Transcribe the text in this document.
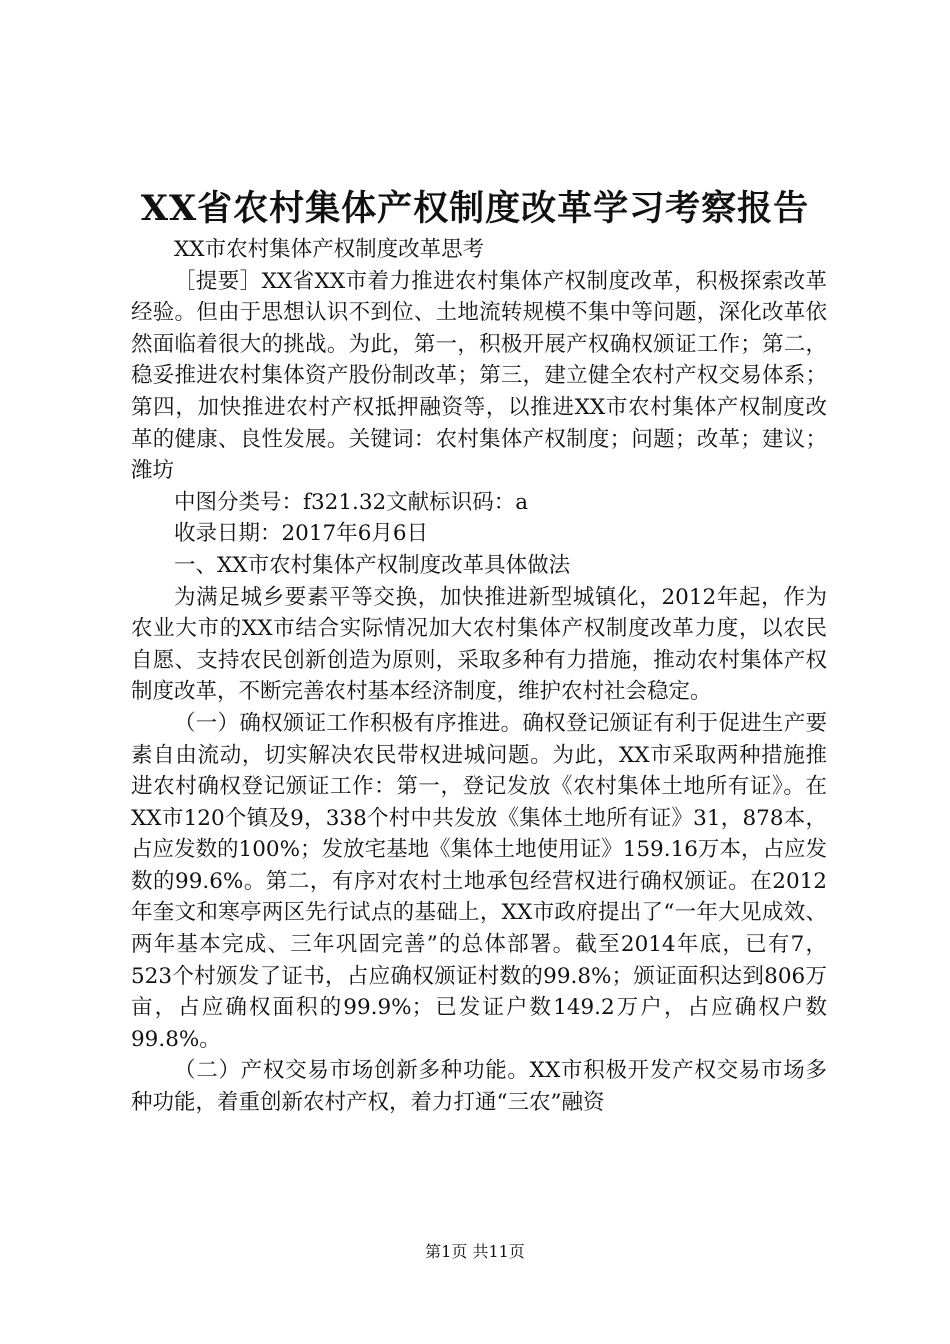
XX省农村集体产权制度改革学习考察报告

XX市农村集体产权制度改革思考

［提要］XX省XX市着力推进农村集体产权制度改革，积极探索改革经验。但由于思想认识不到位、土地流转规模不集中等问题，深化改革依然面临着很大的挑战。为此，第一，积极开展产权确权颁证工作；第二，稳妥推进农村集体资产股份制改革；第三，建立健全农村产权交易体系；第四，加快推进农村产权抵押融资等，以推进XX市农村集体产权制度改革的健康、良性发展。关键词：农村集体产权制度；问题；改革；建议；潍坊

中图分类号：f321.32文献标识码：a

收录日期：2017年6月6日

一、XX市农村集体产权制度改革具体做法

为满足城乡要素平等交换，加快推进新型城镇化，2012年起，作为农业大市的XX市结合实际情况加大农村集体产权制度改革力度，以农民自愿、支持农民创新创造为原则，采取多种有力措施，推动农村集体产权制度改革，不断完善农村基本经济制度，维护农村社会稳定。

（一）确权颁证工作积极有序推进。确权登记颁证有利于促进生产要素自由流动，切实解决农民带权进城问题。为此，XX市采取两种措施推进农村确权登记颁证工作：第一，登记发放《农村集体土地所有证》。在XX市120个镇及9，338个村中共发放《集体土地所有证》31，878本，占应发数的100%；发放宅基地《集体土地使用证》159.16万本，占应发数的99.6%。第二，有序对农村土地承包经营权进行确权颁证。在2012年奎文和寒亭两区先行试点的基础上，XX市政府提出了“一年大见成效、两年基本完成、三年巩固完善”的总体部署。截至2014年底，已有7，523个村颁发了证书，占应确权颁证村数的99.8%；颁证面积达到806万亩，占应确权面积的99.9%；已发证户数149.2万户，占应确权户数99.8%。

（二）产权交易市场创新多种功能。XX市积极开发产权交易市场多种功能，着重创新农村产权，着力打通“三农”融资

第1页 共11页
